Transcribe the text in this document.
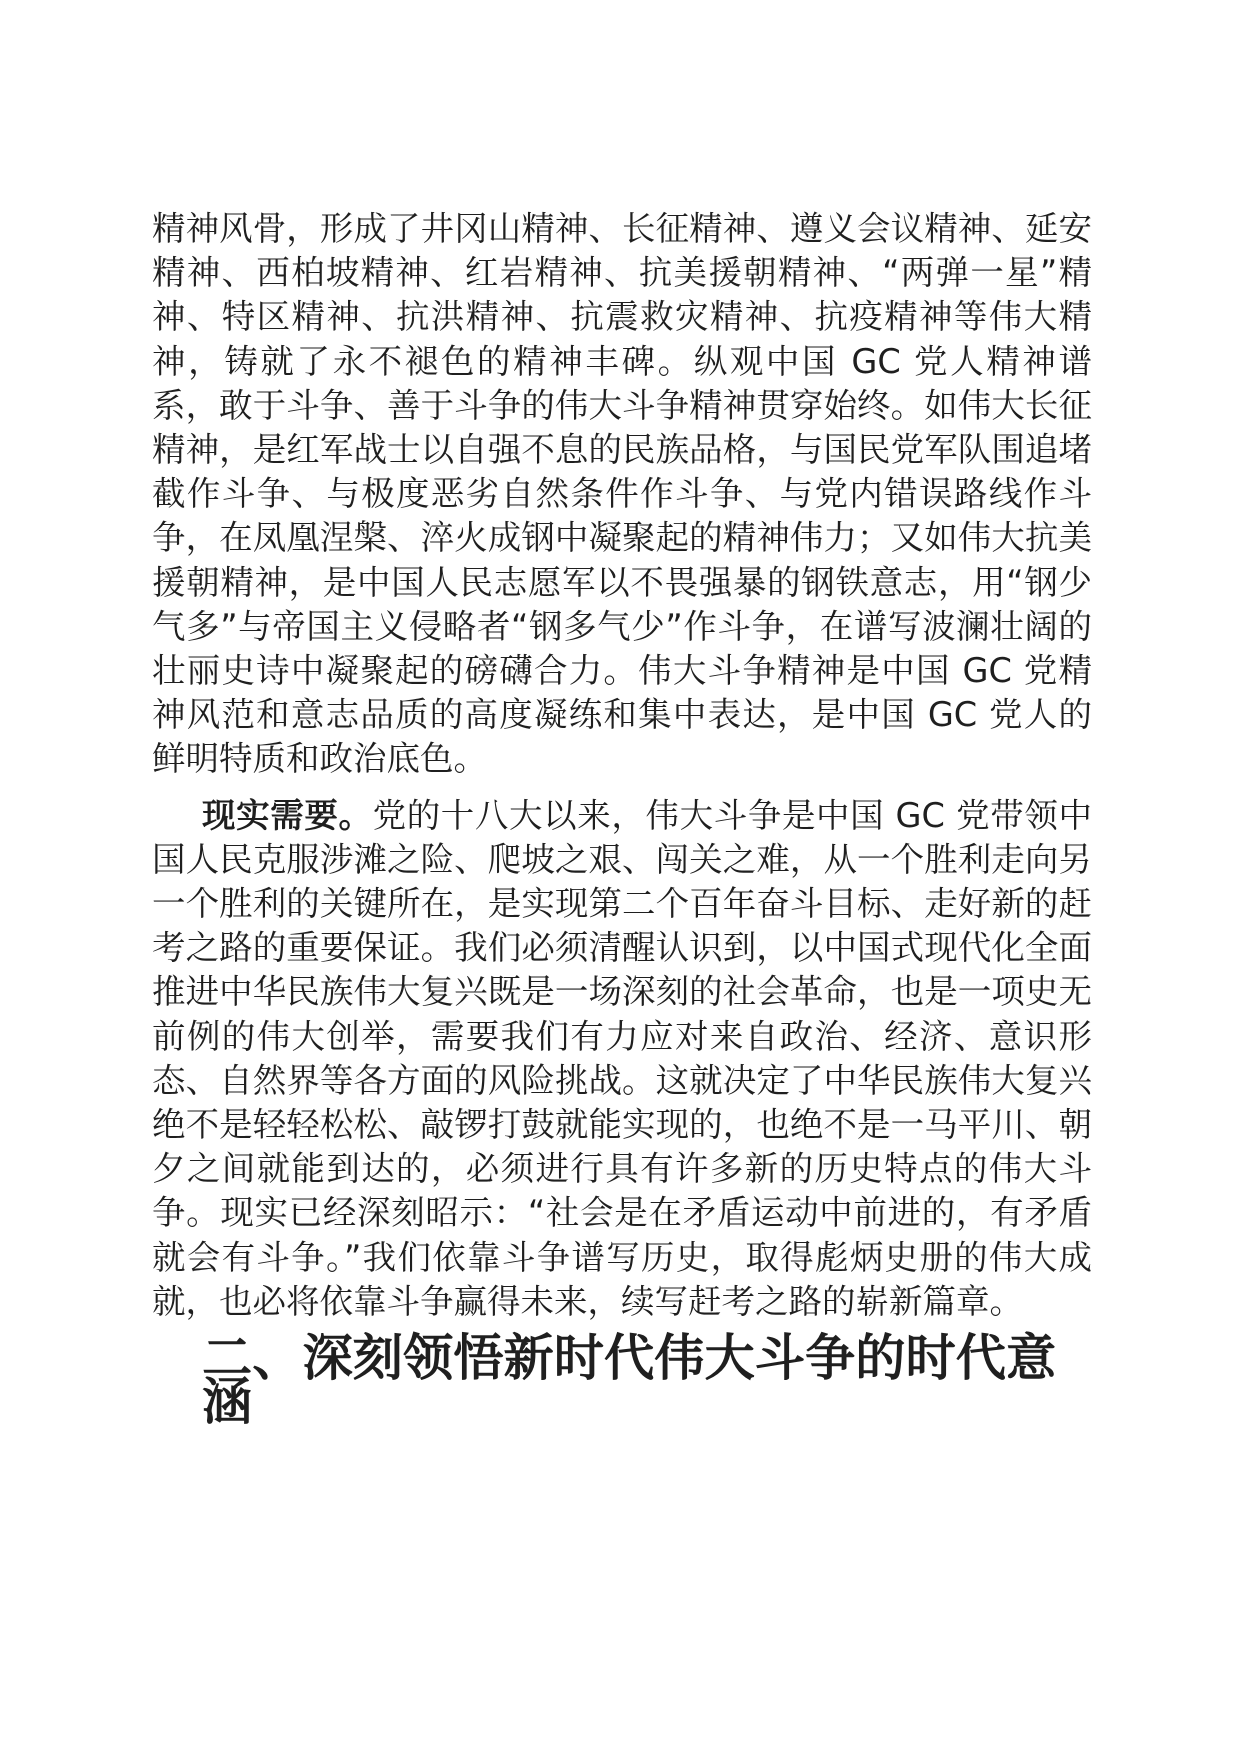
精神风骨，形成了井冈山精神、长征精神、遵义会议精神、延安精神、西柏坡精神、红岩精神、抗美援朝精神、“两弹一星”精神、特区精神、抗洪精神、抗震救灾精神、抗疫精神等伟大精神，铸就了永不褪色的精神丰碑。纵观中国 GC 党人精神谱系，敢于斗争、善于斗争的伟大斗争精神贯穿始终。如伟大长征精神，是红军战士以自强不息的民族品格，与国民党军队围追堵截作斗争、与极度恶劣自然条件作斗争、与党内错误路线作斗争，在凤凰涅槃、淬火成钢中凝聚起的精神伟力；又如伟大抗美援朝精神，是中国人民志愿军以不畏强暴的钢铁意志，用“钢少气多”与帝国主义侵略者“钢多气少”作斗争，在谱写波澜壮阔的壮丽史诗中凝聚起的磅礴合力。伟大斗争精神是中国 GC 党精神风范和意志品质的高度凝练和集中表达，是中国 GC 党人的鲜明特质和政治底色。

现实需要。党的十八大以来，伟大斗争是中国 GC 党带领中国人民克服涉滩之险、爬坡之艰、闯关之难，从一个胜利走向另一个胜利的关键所在，是实现第二个百年奋斗目标、走好新的赶考之路的重要保证。我们必须清醒认识到，以中国式现代化全面推进中华民族伟大复兴既是一场深刻的社会革命，也是一项史无前例的伟大创举，需要我们有力应对来自政治、经济、意识形态、自然界等各方面的风险挑战。这就决定了中华民族伟大复兴绝不是轻轻松松、敲锣打鼓就能实现的，也绝不是一马平川、朝夕之间就能到达的，必须进行具有许多新的历史特点的伟大斗争。现实已经深刻昭示：“社会是在矛盾运动中前进的，有矛盾就会有斗争。”我们依靠斗争谱写历史，取得彪炳史册的伟大成就，也必将依靠斗争赢得未来，续写赶考之路的崭新篇章。

二、深刻领悟新时代伟大斗争的时代意涵
